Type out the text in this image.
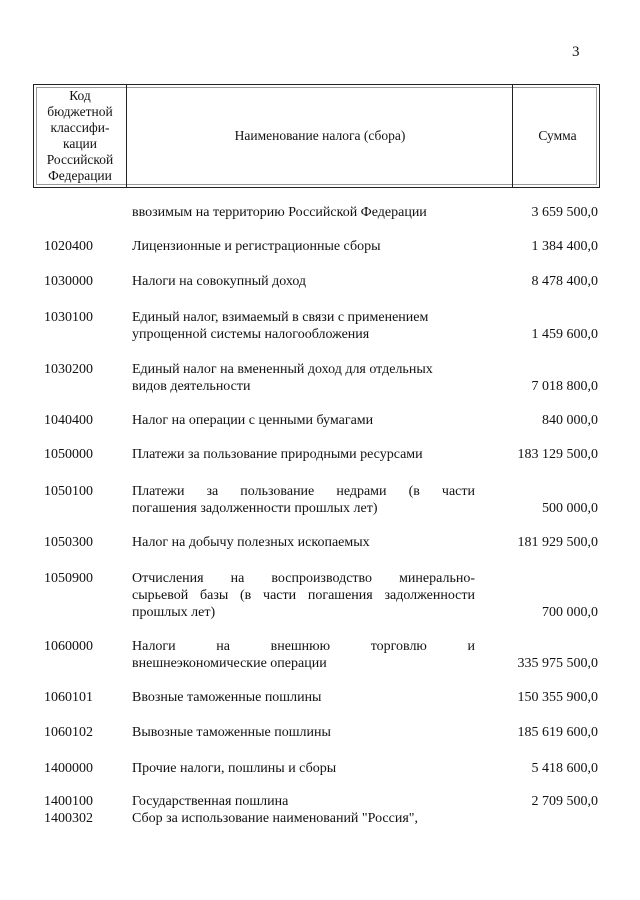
3
Код
бюджетной
классифи-
кации
Российской
Федерации
Наименование налога (сбора)	Сумма
ввозимым на территорию Российской Федерации	3 659 500,0
1020400	Лицензионные и регистрационные сборы	1 384 400,0
1030000	Налоги на совокупный доход	8 478 400,0
1030100	Единый налог, взимаемый в связи с применением
упрощенной системы налогообложения	1 459 600,0
1030200	Единый налог на вмененный доход для отдельных
видов деятельности	7 018 800,0
1040400	Налог на операции с ценными бумагами	840 000,0
1050000	Платежи за пользование природными ресурсами	183 129 500,0
1050100	Платежи за пользование недрами (в части
погашения задолженности прошлых лет)	500 000,0
1050300	Налог на добычу полезных ископаемых	181 929 500,0
1050900	Отчисления на воспроизводство минерально-
сырьевой базы (в части погашения задолженности
прошлых лет)	700 000,0
1060000	Налоги на внешнюю торговлю и
внешнеэкономические операции	335 975 500,0
1060101	Ввозные таможенные пошлины	150 355 900,0
1060102	Вывозные таможенные пошлины	185 619 600,0
1400000	Прочие налоги, пошлины и сборы	5 418 600,0
1400100	Государственная пошлина	2 709 500,0
1400302	Сбор за использование наименований "Россия",
